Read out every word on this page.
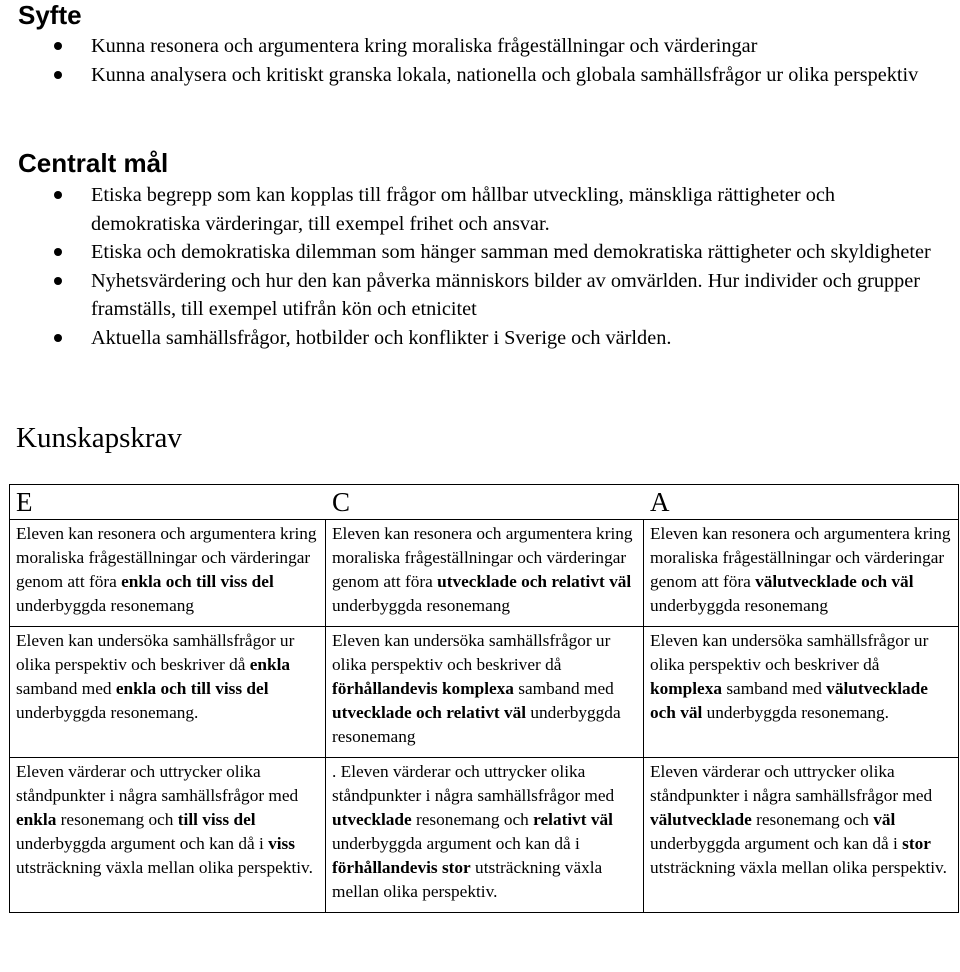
Syfte
Kunna resonera och argumentera kring moraliska frågeställningar och värderingar
Kunna analysera och kritiskt granska lokala, nationella och globala samhällsfrågor ur olika perspektiv
Centralt mål
Etiska begrepp som kan kopplas till frågor om hållbar utveckling, mänskliga rättigheter och demokratiska värderingar, till exempel frihet och ansvar.
Etiska och demokratiska dilemman som hänger samman med demokratiska rättigheter och skyldigheter
Nyhetsvärdering och hur den kan påverka människors bilder av omvärlden. Hur individer och grupper framställs, till exempel utifrån kön och etnicitet
Aktuella samhällsfrågor, hotbilder och konflikter i Sverige och världen.
Kunskapskrav
E C A		

Eleven kan resonera och argumentera kring moraliska frågeställningar och värderingar genom att föra enkla och till viss del underbyggda resonemang	Eleven kan resonera och argumentera kring moraliska frågeställningar och värderingar genom att föra utvecklade och relativt väl underbyggda resonemang	Eleven kan resonera och argumentera kring moraliska frågeställningar och värderingar genom att föra välutvecklade och väl underbyggda resonemang
Eleven kan undersöka samhällsfrågor ur olika perspektiv och beskriver då enkla samband med enkla och till viss del underbyggda resonemang.	Eleven kan undersöka samhällsfrågor ur olika perspektiv och beskriver då förhållandevis komplexa samband med utvecklade och relativt väl underbyggda resonemang	Eleven kan undersöka samhällsfrågor ur olika perspektiv och beskriver då komplexa samband med välutvecklade och väl underbyggda resonemang.
Eleven värderar och uttrycker olika ståndpunkter i några samhällsfrågor med enkla resonemang och till viss del underbyggda argument och kan då i viss utsträckning växla mellan olika perspektiv.	. Eleven värderar och uttrycker olika ståndpunkter i några samhällsfrågor med utvecklade resonemang och relativt väl underbyggda argument och kan då i förhållandevis stor utsträckning växla mellan olika perspektiv.	Eleven värderar och uttrycker olika ståndpunkter i några samhällsfrågor med välutvecklade resonemang och väl underbyggda argument och kan då i stor utsträckning växla mellan olika perspektiv.
